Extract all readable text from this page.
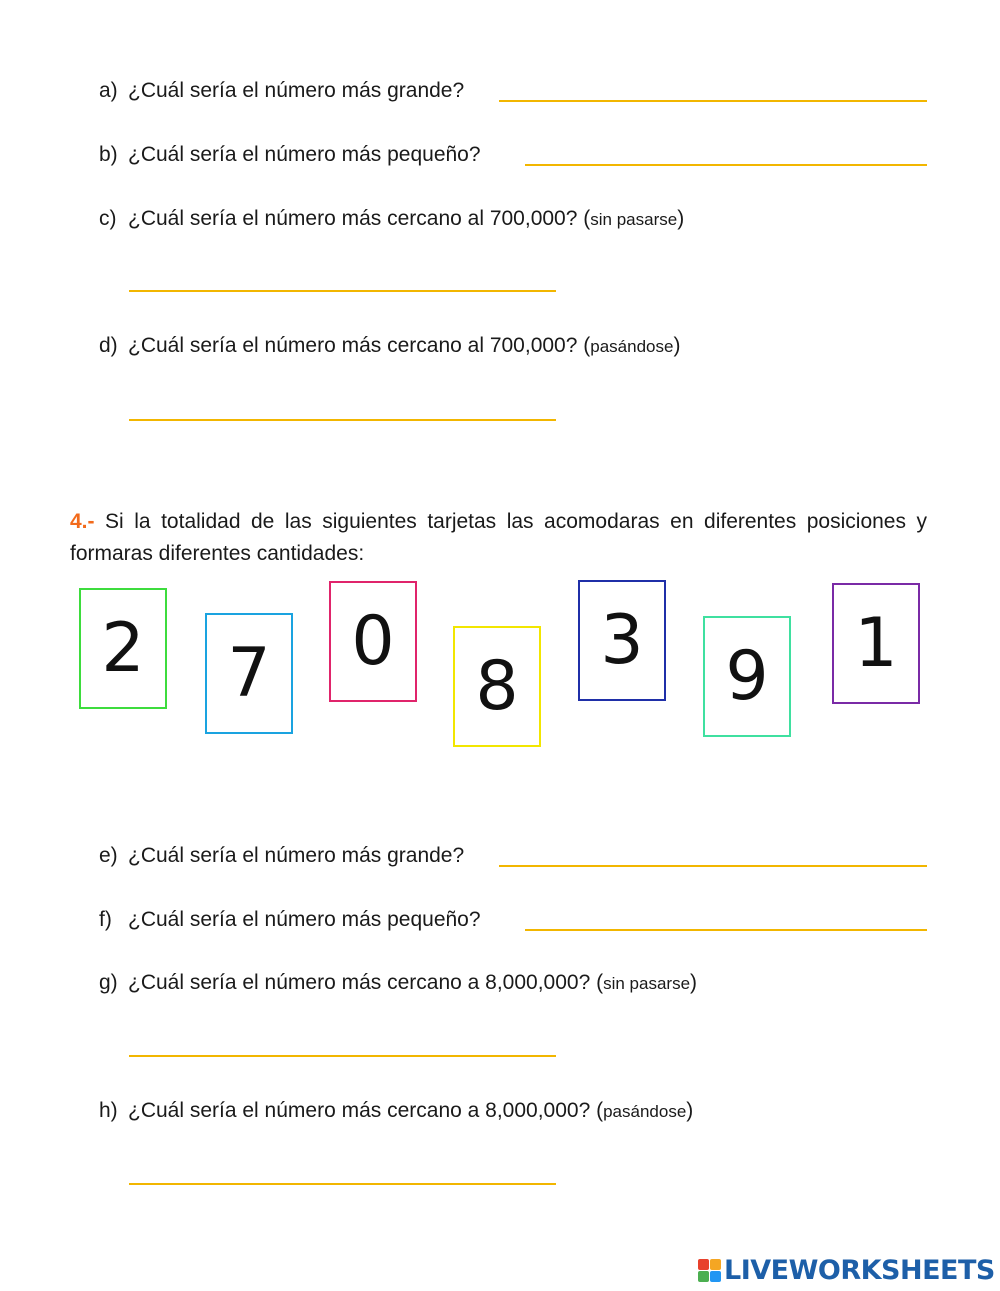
a) ¿Cuál sería el número más grande?
b) ¿Cuál sería el número más pequeño?
c) ¿Cuál sería el número más cercano al 700,000? (sin pasarse)
d) ¿Cuál sería el número más cercano al 700,000? (pasándose)
4.- Si la totalidad de las siguientes tarjetas las acomodaras en diferentes posiciones y formaras diferentes cantidades:
2 7 0
8
3 9 1
e) ¿Cuál sería el número más grande?
f) ¿Cuál sería el número más pequeño?
g) ¿Cuál sería el número más cercano a 8,000,000? (sin pasarse)
h) ¿Cuál sería el número más cercano a 8,000,000? (pasándose)
LIVEWORKSHEETS
